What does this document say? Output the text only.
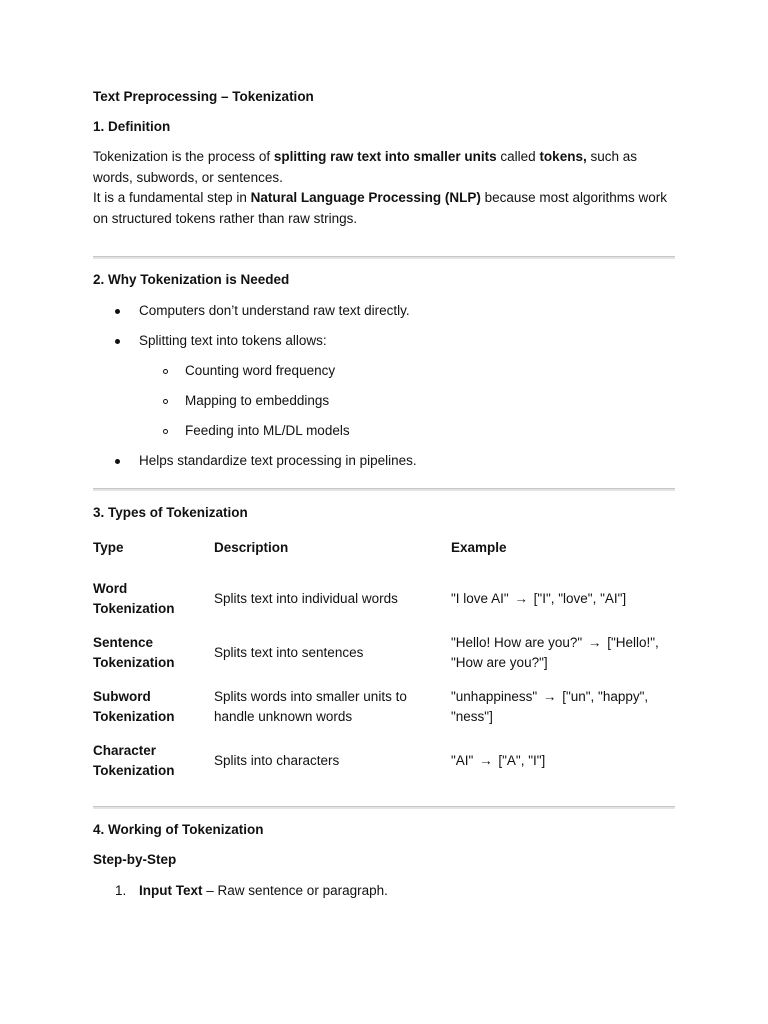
Text Preprocessing – Tokenization
1. Definition
Tokenization is the process of splitting raw text into smaller units called tokens, such as words, subwords, or sentences.
It is a fundamental step in Natural Language Processing (NLP) because most algorithms work on structured tokens rather than raw strings.
2. Why Tokenization is Needed
Computers don’t understand raw text directly.
Splitting text into tokens allows:
Counting word frequency
Mapping to embeddings
Feeding into ML/DL models
Helps standardize text processing in pipelines.
3. Types of Tokenization
Type	Description	Example
Word
Tokenization	Splits text into individual words	"I love AI" → ["I", "love", "AI"]
Sentence
Tokenization	Splits text into sentences	"Hello! How are you?" → ["Hello!", "How are you?"]
Subword
Tokenization	Splits words into smaller units to handle unknown words	"unhappiness" → ["un", "happy", "ness"]
Character
Tokenization	Splits into characters	"AI" → ["A", "I"]
4. Working of Tokenization
Step-by-Step
1. Input Text – Raw sentence or paragraph.
